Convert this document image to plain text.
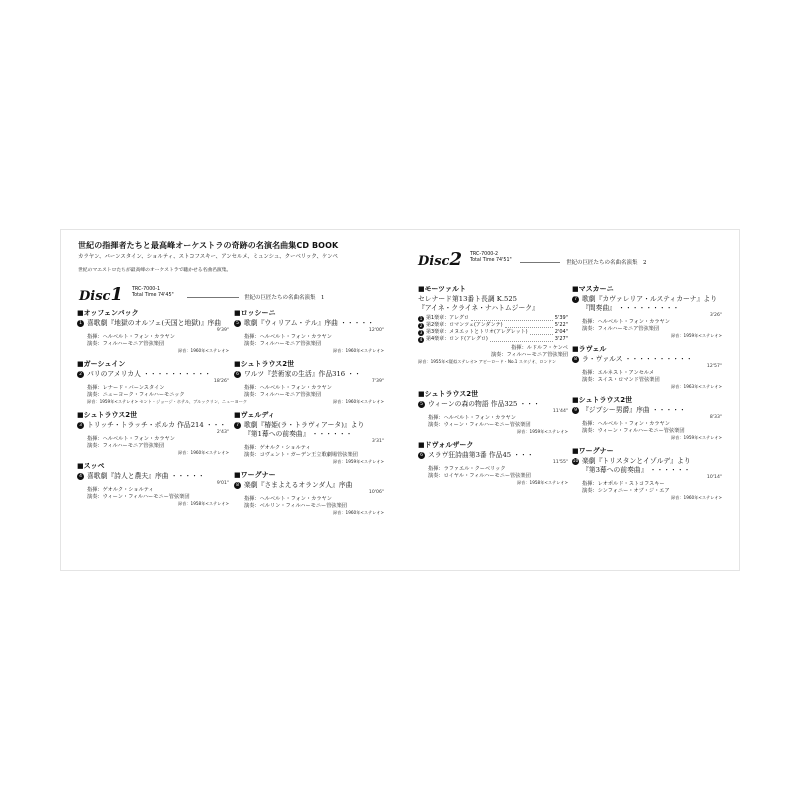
世紀の指揮者たちと最高峰オーケストラの奇跡の名演名曲集CD BOOK
カラヤン、バーンスタイン、ショルティ、ストコフスキー、アンセルメ、ミュンシュ、クーベリック、ケンペ
世紀のマエストロたちが最高峰のオーケストラで聴かせる名曲名演集。
Disc1 TRC-7000-1
Total Time 74'45"	世紀の巨匠たちの名曲名演集　1
■オッフェンバック
1 喜歌劇『地獄のオルフェ(天国と地獄)』序曲
9'39"
指揮：ヘルベルト・フォン・カラヤン
演奏：フィルハーモニア管弦楽団
録音：1960年<ステレオ>
■ガーシュイン
2 パリのアメリカ人 ・・・・・・・・・・
18'26"
指揮：レナード・バーンスタイン
演奏：ニューヨーク・フィルハーモニック
録音：1959年<ステレオ> セント・ジョージ・ホテル、ブルックリン、ニューヨーク
■シュトラウス2世
3 トリッチ・トラッチ・ポルカ 作品214 ・・・
2'43"
指揮：ヘルベルト・フォン・カラヤン
演奏：フィルハーモニア管弦楽団
録音：1960年<ステレオ>
■スッペ
4 喜歌劇『詩人と農夫』序曲 ・・・・・
9'01"
指揮：ゲオルク・ショルティ
演奏：ウィーン・フィルハーモニー管弦楽団
録音：1958年<ステレオ>
■ロッシーニ
5 歌劇『ウィリアム・テル』序曲 ・・・・・
12'00"
指揮：ヘルベルト・フォン・カラヤン
演奏：フィルハーモニア管弦楽団
録音：1960年<ステレオ>
■シュトラウス2世
6 ワルツ『芸術家の生活』作品316 ・・
7'39"
指揮：ヘルベルト・フォン・カラヤン
演奏：フィルハーモニア管弦楽団
録音：1960年<ステレオ>
■ヴェルディ
7 歌劇『椿姫(ラ・トラヴィアータ)』より
『第1幕への前奏曲』 ・・・・・・
3'31"
指揮：ゲオルク・ショルティ
演奏：コヴェント・ガーデン王立歌劇場管弦楽団
録音：1959年<ステレオ>
■ワーグナー
8 楽劇『さまよえるオランダ人』序曲
10'06"
指揮：ヘルベルト・フォン・カラヤン
演奏：ベルリン・フィルハーモニー管弦楽団
録音：1960年<ステレオ>
Disc2 TRC-7000-2
Total Time 74'51"	世紀の巨匠たちの名曲名演集　2
■モーツァルト
セレナード第13番ト長調 K.525
『アイネ・クライネ・ナハトムジーク』
1 第1楽章：アレグロ	5'39"
2 第2楽章：ロマンツェ(アンダンテ)	5'22"
3 第3楽章：メヌエットとトリオ(アレグレット)	2'04"
4 第4楽章：ロンド(アレグロ)	3'27"
指揮：ルドルフ・ケンペ
演奏：フィルハーモニア管弦楽団
録音：1955年<疑似ステレオ> アビーロード・No.1 スタジオ、ロンドン
■シュトラウス2世
5 ウィーンの森の物語 作品325 ・・・
11'44"
指揮：ヘルベルト・フォン・カラヤン
演奏：ウィーン・フィルハーモニー管弦楽団
録音：1959年<ステレオ>
■ドヴォルザーク
6 スラヴ狂詩曲第3番 作品45 ・・・
11'55"
指揮：ラファエル・クーベリック
演奏：ロイヤル・フィルハーモニー管弦楽団
録音：1958年<ステレオ>
■マスカーニ
7 歌劇『カヴァレリア・ルスティカーナ』より
『間奏曲』 ・・・・・・・・・
3'26"
指揮：ヘルベルト・フォン・カラヤン
演奏：フィルハーモニア管弦楽団
録音：1959年<ステレオ>
■ラヴェル
8 ラ・ヴァルス ・・・・・・・・・・
12'57"
指揮：エルネスト・アンセルメ
演奏：スイス・ロマンド管弦楽団
録音：1963年<ステレオ>
■シュトラウス2世
9 『ジプシー男爵』序曲 ・・・・・
8'33"
指揮：ヘルベルト・フォン・カラヤン
演奏：ウィーン・フィルハーモニー管弦楽団
録音：1959年<ステレオ>
■ワーグナー
10 楽劇『トリスタンとイゾルデ』より
『第3幕への前奏曲』 ・・・・・・
10'14"
指揮：レオポルド・ストコフスキー
演奏：シンフォニー・オブ・ジ・エア
録音：1960年<ステレオ>
